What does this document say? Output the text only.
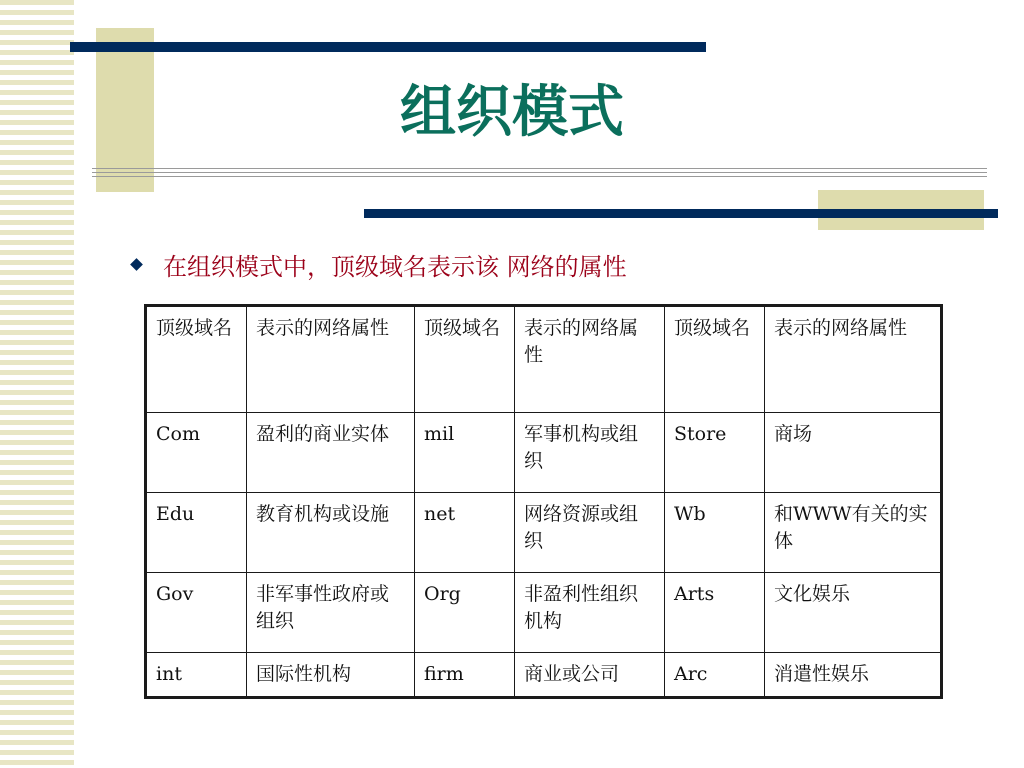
组织模式
在组织模式中，顶级域名表示该 网络的属性
顶级域名	表示的网络属性	顶级域名	表示的网络属性	顶级域名	表示的网络属性
Com	盈利的商业实体	mil	军事机构或组织	Store	商场
Edu	教育机构或设施	net	网络资源或组织	Wb	和WWW有关的实体
Gov	非军事性政府或组织	Org	非盈利性组织机构	Arts	文化娱乐
int	国际性机构	firm	商业或公司	Arc	消遣性娱乐
